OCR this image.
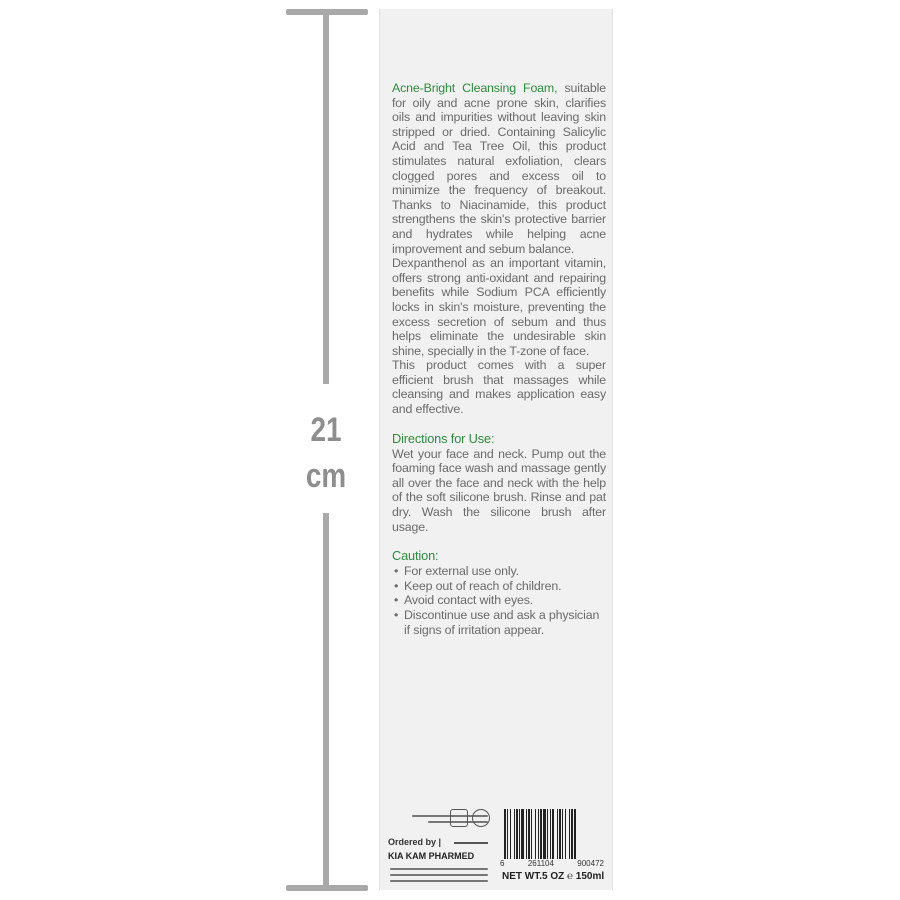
21
cm

Acne-Bright Cleansing Foam, suitable for oily and acne prone skin, clarifies oils and impurities without leaving skin stripped or dried. Containing Salicylic Acid and Tea Tree Oil, this product stimulates natural exfoliation, clears clogged pores and excess oil to minimize the frequency of breakout. Thanks to Niacinamide, this product strengthens the skin's protective barrier and hydrates while helping acne improvement and sebum balance.

Dexpanthenol as an important vitamin, offers strong anti-oxidant and repairing benefits while Sodium PCA efficiently locks in skin's moisture, preventing the excess secretion of sebum and thus helps eliminate the undesirable skin shine, specially in the T-zone of face.

This product comes with a super efficient brush that massages while cleansing and makes application easy and effective.

Directions for Use:

Wet your face and neck. Pump out the foaming face wash and massage gently all over the face and neck with the help of the soft silicone brush. Rinse and pat dry. Wash the silicone brush after usage.

Caution:
• For external use only.
• Keep out of reach of children.
• Avoid contact with eyes.
• Discontinue use and ask a physician if signs of irritation appear.
Ordered by |
KIA KAM PHARMED
6	261104	900472
NET WT.5 OZ ℮ 150ml
